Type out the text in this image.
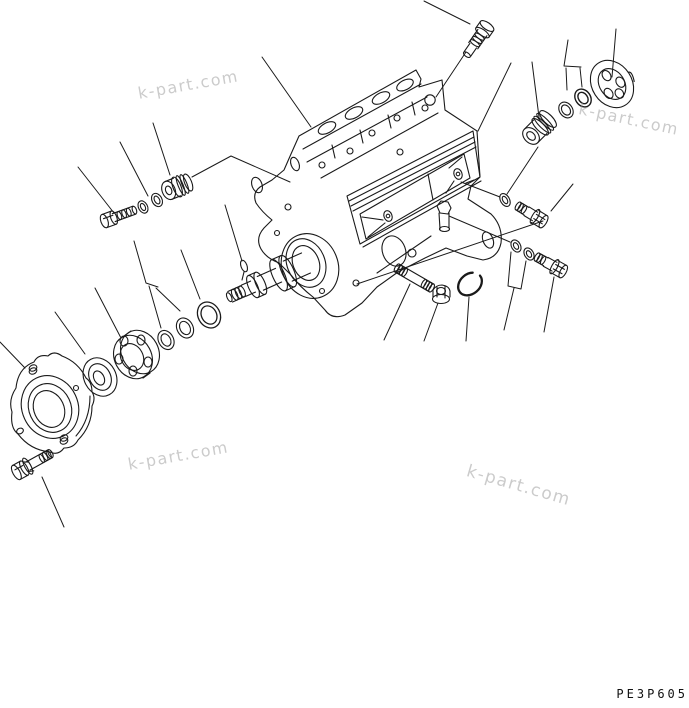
k-part.com
k-part.com
k-part.com
k-part.com
PE3P605
